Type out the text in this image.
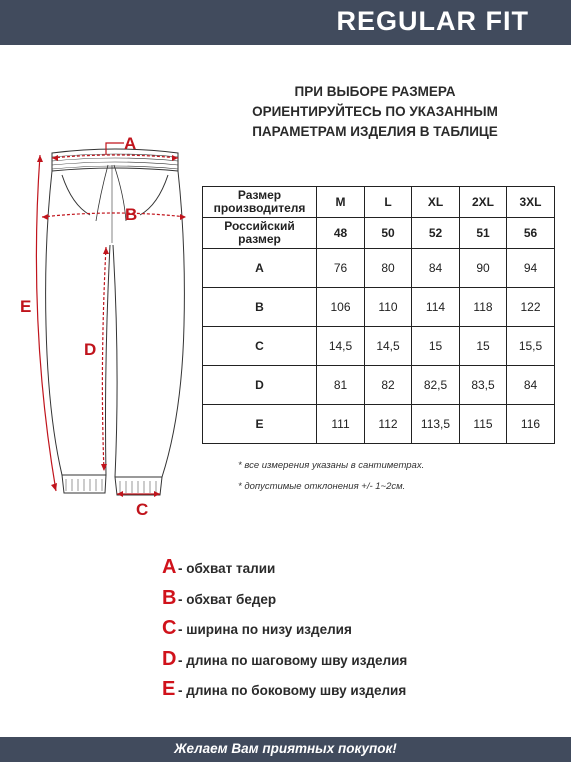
REGULAR FIT
ПРИ ВЫБОРЕ РАЗМЕРА
ОРИЕНТИРУЙТЕСЬ ПО УКАЗАННЫМ
ПАРАМЕТРАМ ИЗДЕЛИЯ В ТАБЛИЦЕ
A
B
E
D
C
Размер производителя	M	L	XL	2XL	3XL
Российский размер	48	50	52	51	56
A	76	80	84	90	94
B	106	110	114	118	122
C	14,5	14,5	15	15	15,5
D	81	82	82,5	83,5	84
E	111	112	113,5	115	116
* все измерения указаны в сантиметрах.
* допустимые отклонения +/- 1~2см.
A - обхват талии
B - обхват бедер
C - ширина по низу изделия
D - длина по шаговому шву изделия
E - длина по боковому шву изделия
Желаем Вам приятных покупок!
